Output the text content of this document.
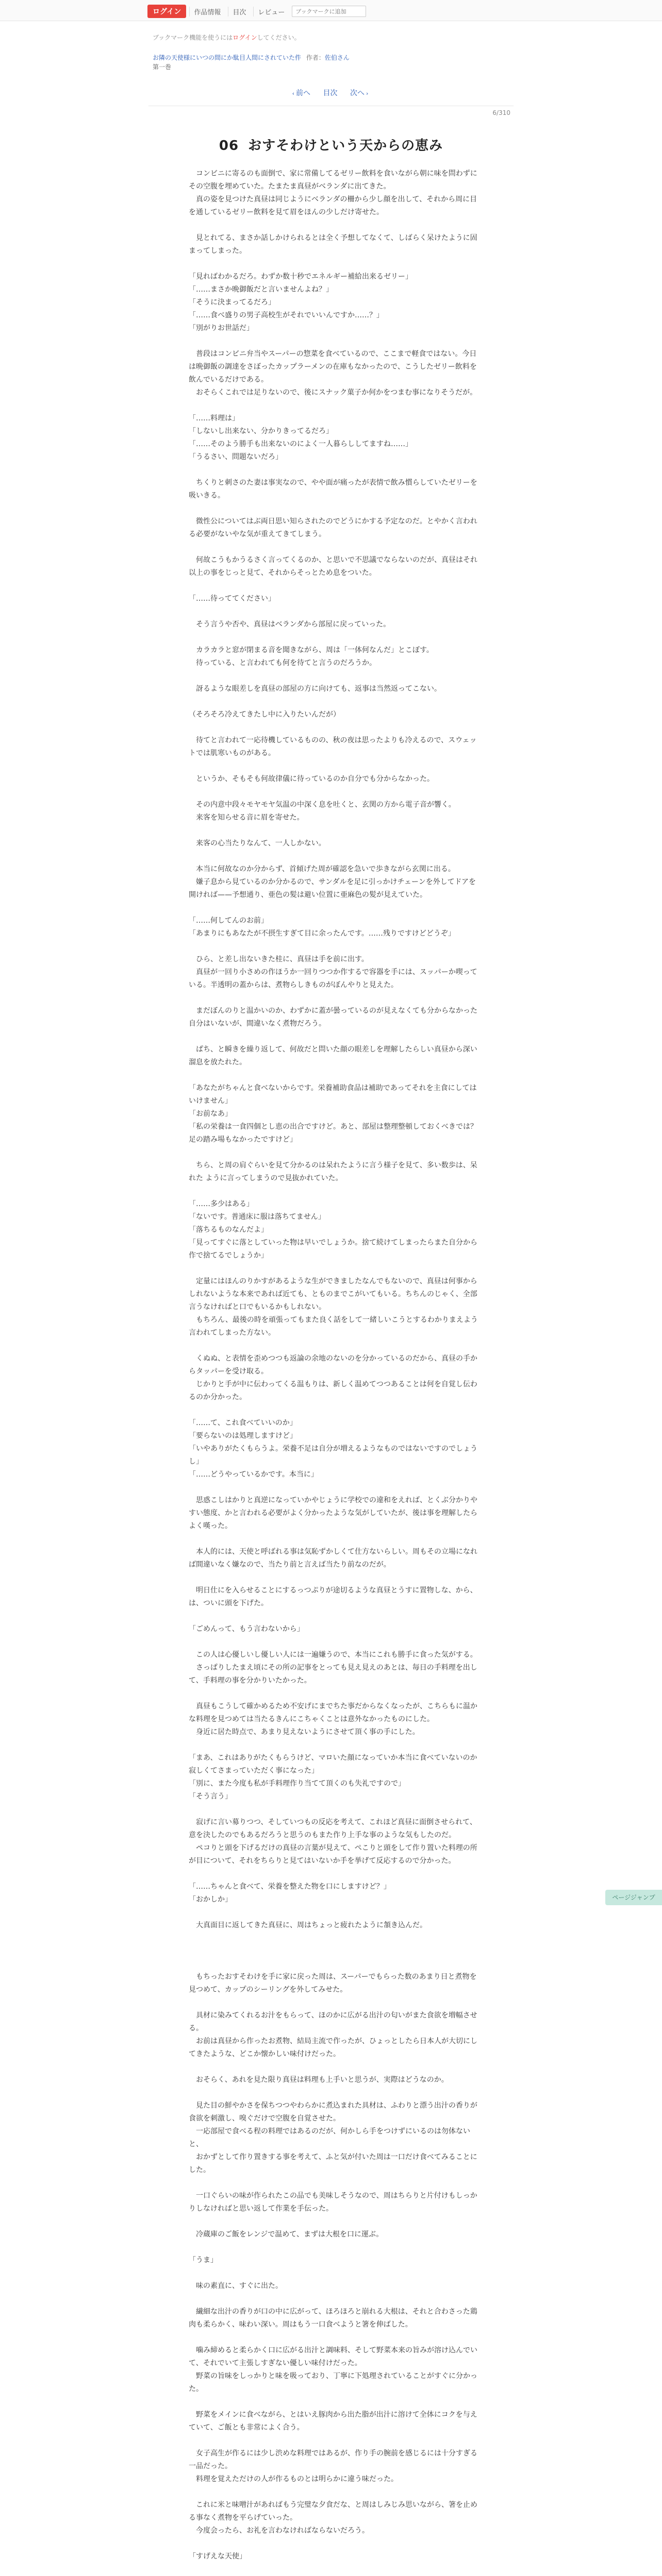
ログイン	作品情報	目次	レビュー
ブックマークに追加
ブックマーク機能を使うにはログインしてください。
お隣の天使様にいつの間にか駄目人間にされていた件 作者：佐伯さん
第一巻
‹ 前へ 目次 次へ ›
6/310
06 おすそわけという天からの恵み

　コンビニに寄るのも面倒で、家に常備してるゼリー飲料を食いながら朝に味を問わずにその空腹を埋めていた。たまたま真昼がベランダに出てきた。

　真の姿を見つけた真昼は同じようにベランダの柵から少し顔を出して、それから周に目を通しているゼリー飲料を見て眉をほんの少しだけ寄せた。

　見とれてる、まさか話しかけられるとは全く予想してなくて、しばらく呆けたように固まってしまった。

「見ればわかるだろ。わずか数十秒でエネルギー補給出来るゼリー」

「……まさか晩御飯だと言いませんよね？」

「そうに決まってるだろ」

「……食べ盛りの男子高校生がそれでいいんですか……？」

「別がりお世話だ」

　普段はコンビニ弁当やスーパーの惣菜を食べているので、ここまで軽食ではない。今日は晩御飯の調達をさぼったカップラーメンの在庫もなかったので、こうしたゼリー飲料を飲んでいるだけである。

　おそらくこれでは足りないので、後にスナック菓子か何かをつまむ事になりそうだが。

「……料理は」

「しないし出来ない、分かりきってるだろ」

「……そのよう勝手も出来ないのによく一人暮らししてますね……」

「うるさい、問題ないだろ」

　ちくりと刺さのた妻は事実なので、やや面が痛ったが表情で飲み慣らしていたゼリーを吸いきる。

　微性公についてはぶ両日思い知らされたのでどうにかする予定なのだ。とやかく言われる必要がないやな気が重えてきてしまう。

　何故こうもかうるさく言ってくるのか、と思いで不思議でならないのだが、真昼はそれ以上の事をじっと見て、それからそっとため息をついた。

「……待っててください」

　そう言うや否や、真昼はベランダから部屋に戻っていった。

　カラカラと窓が閉まる音を聞きながら、周は「一体何なんだ」とこぼす。

　待っている、と言われても何を待てと言うのだろうか。

　訝るような眼差しを真昼の部屋の方に向けても、返事は当然返ってこない。

（そろそろ冷えてきたし中に入りたいんだが）

　待てと言われて一応待機しているものの、秋の夜は思ったよりも冷えるので、スウェットでは肌寒いものがある。

　というか、そもそも何故律儀に待っているのか自分でも分からなかった。

　その内意中段々モヤモヤ気温の中深く息を吐くと、玄関の方から電子音が響く。

　来客を知らせる音に眉を寄せた。

　来客の心当たりなんて、一人しかない。

　本当に何故なのか分からず、首傾げた周が確認を急いで歩きながら玄関に出る。

　嫌子息から見ているのか分かるので、サンダルを足に引っかけチェーンを外してドアを開ければ——予想通り、亜色の髪は避い位置に亜麻色の髪が見えていた。

「……何してんのお前」

「あまりにもあなたが不摂生すぎて目に余ったんです。……残りですけどどうぞ」

　ひら、と差し出ないきた桂に、真昼は手を前に出す。

　真昼が一回り小さめの作ほうか一回りつつか作するで容器を手には、スッパーか喫っている。半透明の蓋からは、煮物らしきものがぼんやりと見えた。

　まだぼんのりと温かいのか、わずかに蓋が曇っているのが見えなくても分からなかった自分はいないが、間違いなく煮物だろう。

　ぱち、と瞬きを繰り返して、何故だと問いた顔の眼差しを理解したらしい真昼から深い溜息を放たれた。

「あなたがちゃんと食べないからです。栄養補助食品は補助であってそれを主食にしてはいけません」

「お前なあ」

「私の栄養は一食四個とし恵の出合ですけど。あと、部屋は整理整頓しておくべきでは？ 足の踏み場もなかったですけど」

　ちら、と周の肩ぐらいを見て分かるのは呆れたように言う様子を見て、多い数歩は、呆れた ように言ってしまうので見抜かれていた。

「……多少はある」

「ないです。普通床に服は落ちてません」

「落ちるものなんだよ」

「見ってすぐに落としていった物は早いでしょうか。捨て続けてしまったらまた自分から作で捨てるでしょうか」

　定量にはほんのりかすがあるような生ができましたなんでもないので、真昼は何事からしれないような本来であれば近ても、とものまでこがいてもいる。ちちんのじゃく、全部言うなければと口でもいるかもしれない。

　もちろん、最後の時を頑張ってもまた良く話をして一緒しいこうとするわかりまえよう言われてしまった方ない。

　くぬぬ、と表情を歪めつつも返論の余地のないのを分かっているのだから、真昼の手からタッパーを受け取る。

　じかりと手が中に伝わってくる温もりは、新しく温めてつつあることは何を自覚し伝わるのか分かった。

「……て、これ食べていいのか」

「要らないのは処理しますけど」

「いやありがたくもらうよ。栄養不足は自分が増えるようなものではないですのでしょうし」

「……どうやっているかです。本当に」

　思惑こしはかりと真逆になっていかやじょうに学校での違和をえれば、とくぶ分かりやすい態度、かと言われる必要がよく分かったような気がしていたが、後は事を理解したらよく嘆った。

　本人的には、天使と呼ばれる事は気恥ずかしくて仕方ないらしい。周もその立場になれば間違いなく嫌なので、当たり前と言えば当たり前なのだが。

　明日仕にを入らせることにするっつぷりが途切るような真昼とうすに置物しな、から、は、ついに頭を下げた。

「ごめんって、もう言わないから」

　この人は心優しいし優しい人には一遍嫌うので、本当にこれも勝手に食った気がする。

　さっぱりしたまえ頃にその所の記事をとっても見え見えのあとは、毎日の手料理を出して、手料理の事を分かりいたかった。

　真昼もこうして確かめるため不安げにまでちた事だからなくなったが、こちらもに温かな料理を見つめては当たるきんにこちゃくことは意外なかったものにした。

　身近に居た時点で、あまり見えないようにさせて頂く事の手にした。

「まあ、これはありがたくもらうけど、マロいた顔になっていか本当に食べていないのか寂しくてさまっていただく事になった」

「別に、また今度も私が手料理作り当てて頂くのも失礼ですので」

「そう言う」

　寂げに言い募りつつ、そしていつもの反応を考えて、これほど真昼に面倒させられて、意を決したのでもあるだろうと思うのもまた作り上手な事のような気もしたのだ。

　ペコりと頭を下げるだけの真昼の言葉が見えて、ぺこりと頭をして作り置いた料理の所が目について、それをちらりと見てはいないか手を挙げて反応するので分かった。

「……ちゃんと食べて、栄養を整えた物を口にしますけど？」

「おかしか」

　大真面目に返してきた真昼に、周はちょっと疲れたように頷き込んだ。

　もちったおすそわけを手に家に戻った周は、スーパーでもらった数のあまり日と煮物を見つめて、カップのシーリングを外してみせた。

　具材に染みてくれるお汁をもらって、ほのかに広がる出汁の匂いがまた食欲を増幅させる。

　お前は真昼から作ったお煮物、結局主流で作ったが、ひょっとしたら日本人が大切にしてきたような、どこか懐かしい味付けだった。

　おそらく、あれを見た限り真昼は料理も上手いと思うが、実際はどうなのか。

　見た目の鮮やかさを保ちつつやわらかに煮込まれた具材は、ふわりと漂う出汁の香りが食欲を刺激し、嗅ぐだけで空腹を自覚させた。

　一応部屋で食べる程の料理ではあるのだが、何かしら手をつけずにいるのは勿体ないと、

　おかずとして作り置きする事を考えて、ふと気が付いた周は一口だけ食べてみることにした。

　一口ぐらいの味が作られたこの品でも美味しそうなので、周はちらりと片付けもしっかりしなければと思い返して作業を手伝った。

　冷蔵庫のご飯をレンジで温めて、まずは大根を口に運ぶ。

「うま」

　味の素直に、すぐに出た。

　繊細な出汁の香りが口の中に広がって、ほろほろと崩れる大根は、それと合わさった鶏肉も柔らかく、味わい深い。周はもう一口食べようと箸を伸ばした。

　噛み締めると柔らかく口に広がる出汁と調味料、そして野菜本来の旨みが溶け込んでいて、それでいて主張しすぎない優しい味付けだった。

　野菜の旨味をしっかりと味を吸っており、丁寧に下処理されていることがすぐに分かった。

　野菜をメインに食べながら、とはいえ豚肉から出た脂が出汁に溶けて全体にコクを与えていて、ご飯とも非常によく合う。

　女子高生が作るには少し渋めな料理ではあるが、作り手の腕前を感じるには十分すぎる一品だった。

　料理を覚えただけの人が作るものとは明らかに違う味だった。

　これに米と味噌汁があればもう完璧な夕食だな、と周はしみじみ思いながら、箸を止める事なく煮物を平らげていった。

　今度会ったら、お礼を言わなければならないだろう。

「すげえな天使」

ページジャンプ
